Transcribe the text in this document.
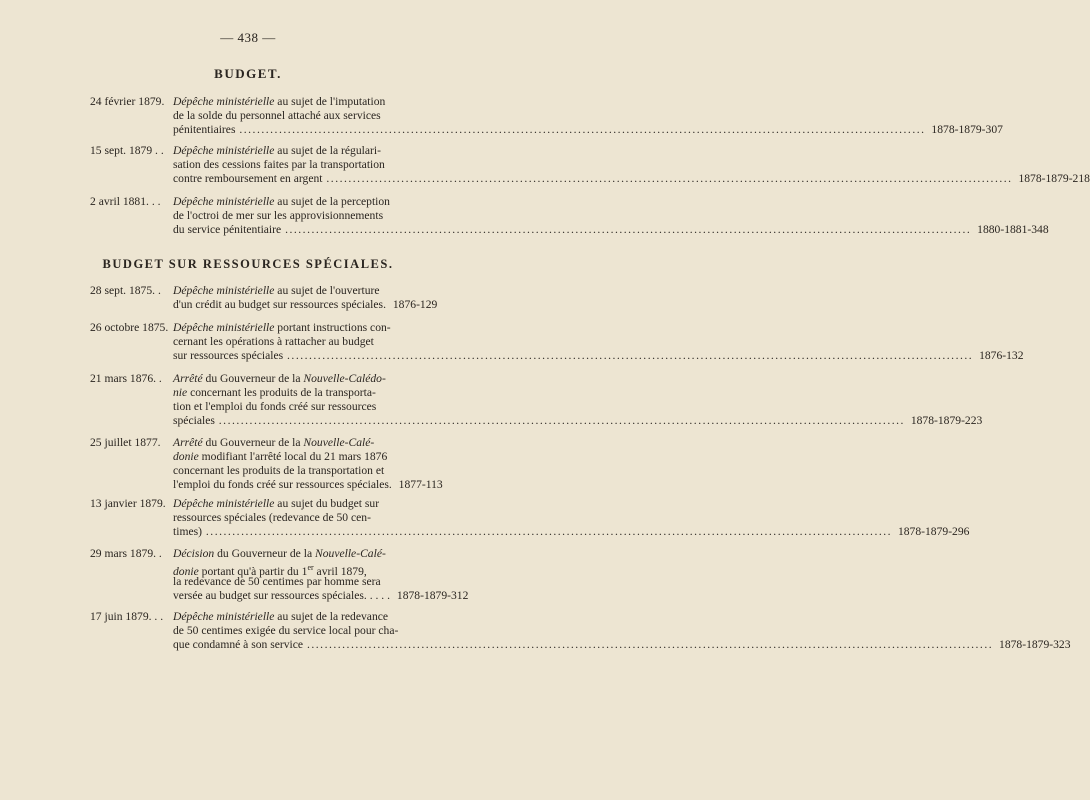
— 438 —
BUDGET.
24 février 1879. Dépêche ministérielle au sujet de l'imputation
de la solde du personnel attaché aux services
pénitentiaires ............................................................................................................................................................ 1878-1879-307
15 sept. 1879 . . Dépêche ministérielle au sujet de la régulari-
sation des cessions faites par la transportation
contre remboursement en argent ............................................................................................................................................................ 1878-1879-218
2 avril 1881. . .	Dépêche ministérielle au sujet de la perception
de l'octroi de mer sur les approvisionnements
du service pénitentiaire ............................................................................................................................................................ 1880-1881-348
BUDGET SUR RESSOURCES SPÉCIALES.
28 sept. 1875. .	Dépêche ministérielle au sujet de l'ouverture
d'un crédit au budget sur ressources spéciales. 1876-129
26 octobre 1875. Dépêche ministérielle portant instructions con-
cernant les opérations à rattacher au budget
sur ressources spéciales ............................................................................................................................................................ 1876-132
21 mars 1876. . Arrêté du Gouverneur de la Nouvelle-Calédo-
nie concernant les produits de la transporta-
tion et l'emploi du fonds créé sur ressources
spéciales ............................................................................................................................................................ 1878-1879-223
25 juillet 1877.	Arrêté du Gouverneur de la Nouvelle-Calé-
donie modifiant l'arrêté local du 21 mars 1876
concernant les produits de la transportation et
l'emploi du fonds créé sur ressources spéciales. 1877-113
13 janvier 1879. Dépêche ministérielle au sujet du budget sur
ressources spéciales (redevance de 50 cen-
times) ............................................................................................................................................................ 1878-1879-296
29 mars 1879. . Décision du Gouverneur de la Nouvelle-Calé-
donie portant qu'à partir du 1er avril 1879,
la redevance de 50 centimes par homme sera
versée au budget sur ressources spéciales. . . . . 1878-1879-312
17 juin 1879. . . Dépêche ministérielle au sujet de la redevance
de 50 centimes exigée du service local pour cha-
que condamné à son service ............................................................................................................................................................ 1878-1879-323
